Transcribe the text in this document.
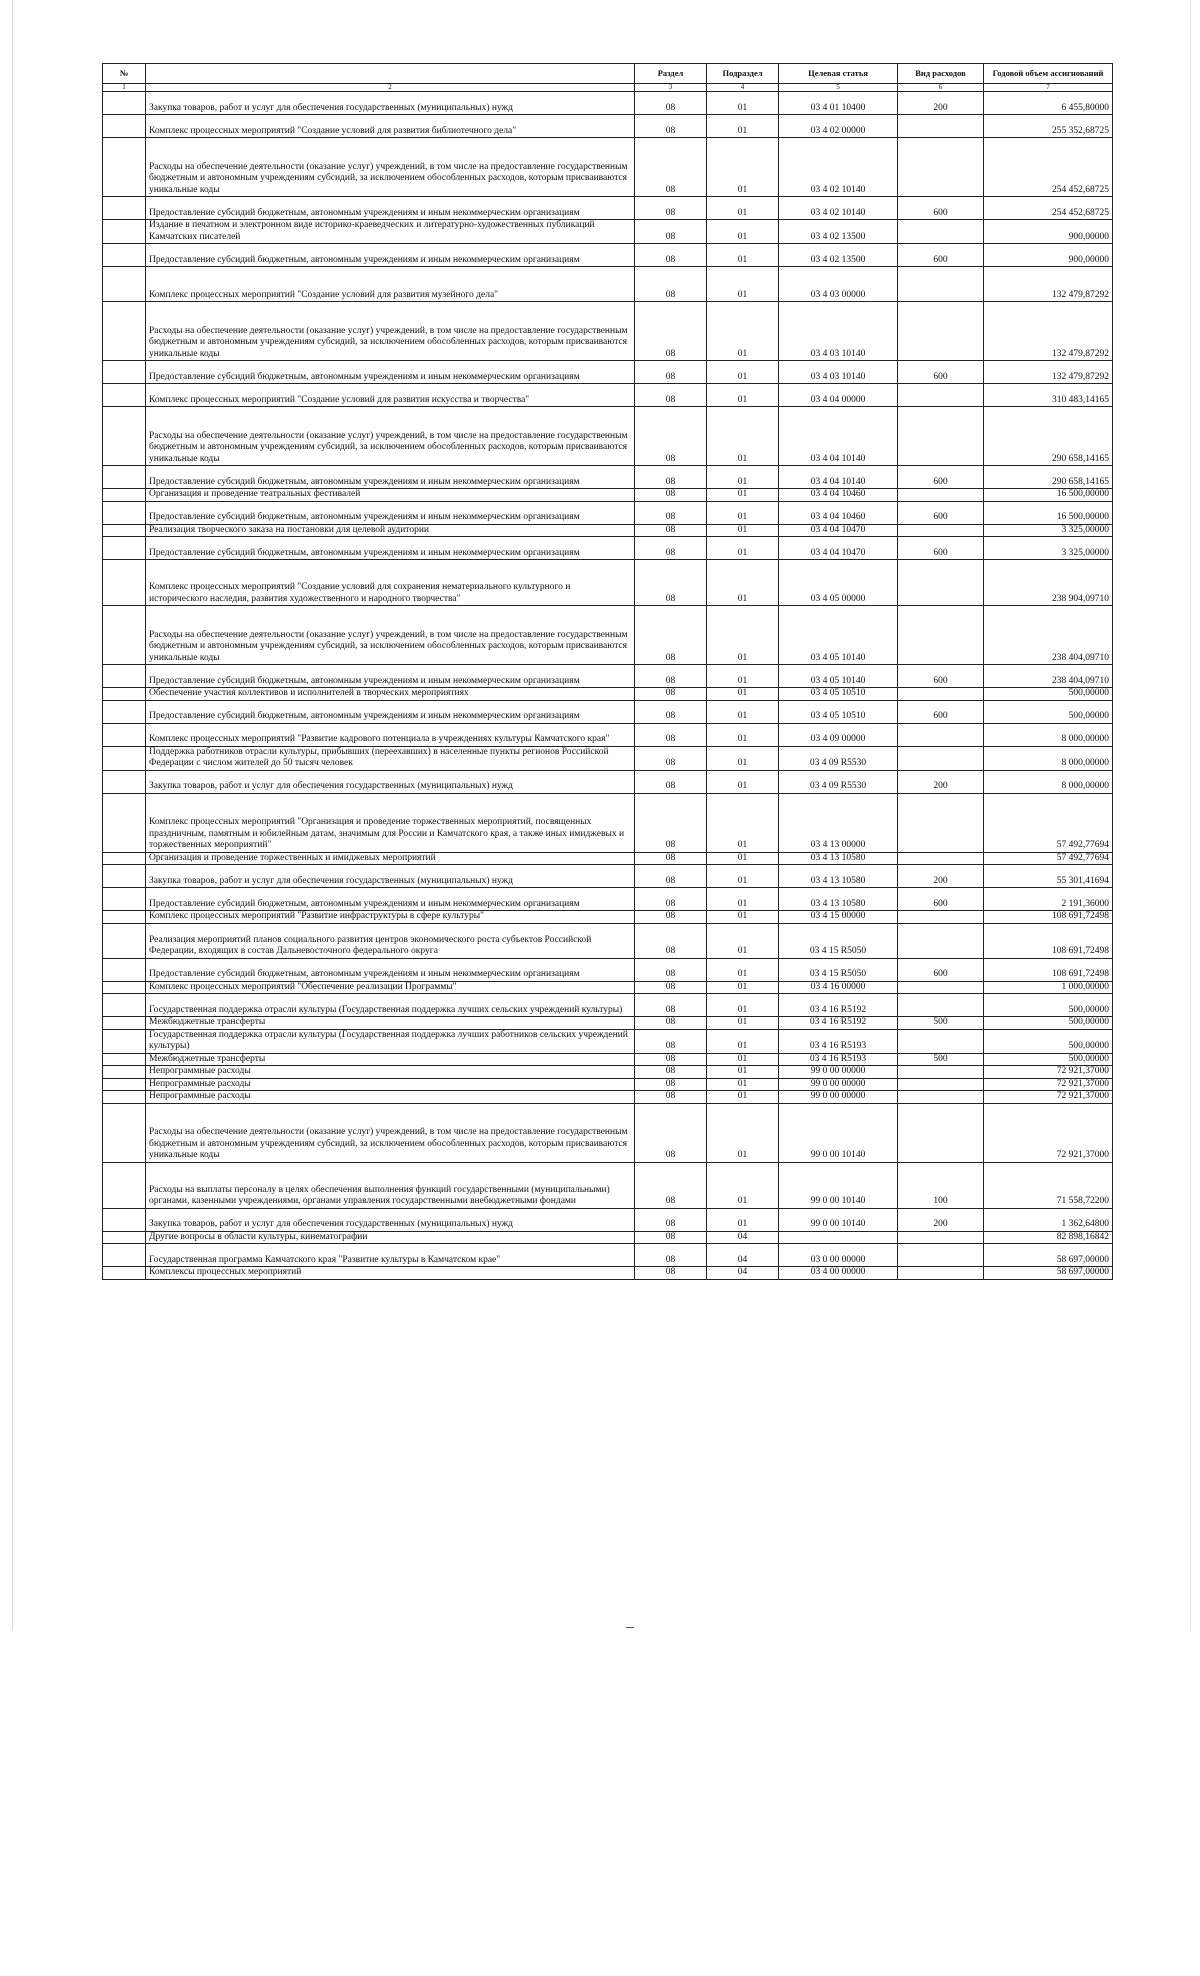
№		Раздел	Подраздел	Целевая статья	Вид расходов	Годовой объем ассигнований
1	2	3	4	5	6	7
	Закупка товаров, работ и услуг для обеспечения государственных (муниципальных) нужд	08	01	03 4 01 10400	200	6 455,80000
	Комплекс процессных мероприятий "Создание условий для развития библиотечного дела"	08	01	03 4 02 00000		255 352,68725
	Расходы на обеспечение деятельности (оказание услуг) учреждений, в том числе на предоставление государственным бюджетным и автономным учреждениям субсидий, за исключением обособленных расходов, которым присваиваются уникальные коды	08	01	03 4 02 10140		254 452,68725
	Предоставление субсидий бюджетным, автономным учреждениям и иным некоммерческим организациям	08	01	03 4 02 10140	600	254 452,68725
	Издание в печатном и электронном виде историко-краеведческих и литературно-художественных публикаций Камчатских писателей	08	01	03 4 02 13500		900,00000
	Предоставление субсидий бюджетным, автономным учреждениям и иным некоммерческим организациям	08	01	03 4 02 13500	600	900,00000
	Комплекс процессных мероприятий "Создание условий для развития музейного дела"	08	01	03 4 03 00000		132 479,87292
	Расходы на обеспечение деятельности (оказание услуг) учреждений, в том числе на предоставление государственным бюджетным и автономным учреждениям субсидий, за исключением обособленных расходов, которым присваиваются уникальные коды	08	01	03 4 03 10140		132 479,87292
	Предоставление субсидий бюджетным, автономным учреждениям и иным некоммерческим организациям	08	01	03 4 03 10140	600	132 479,87292
	Комплекс процессных мероприятий "Создание условий для развития искусства и творчества"	08	01	03 4 04 00000		310 483,14165
	Расходы на обеспечение деятельности (оказание услуг) учреждений, в том числе на предоставление государственным бюджетным и автономным учреждениям субсидий, за исключением обособленных расходов, которым присваиваются уникальные коды	08	01	03 4 04 10140		290 658,14165
	Предоставление субсидий бюджетным, автономным учреждениям и иным некоммерческим организациям	08	01	03 4 04 10140	600	290 658,14165
	Организация и проведение театральных фестивалей	08	01	03 4 04 10460		16 500,00000
	Предоставление субсидий бюджетным, автономным учреждениям и иным некоммерческим организациям	08	01	03 4 04 10460	600	16 500,00000
	Реализация творческого заказа на постановки для целевой аудитории	08	01	03 4 04 10470		3 325,00000
	Предоставление субсидий бюджетным, автономным учреждениям и иным некоммерческим организациям	08	01	03 4 04 10470	600	3 325,00000
	Комплекс процессных мероприятий "Создание условий для сохранения нематериального культурного и исторического наследия, развития художественного и народного творчества"	08	01	03 4 05 00000		238 904,09710
	Расходы на обеспечение деятельности (оказание услуг) учреждений, в том числе на предоставление государственным бюджетным и автономным учреждениям субсидий, за исключением обособленных расходов, которым присваиваются уникальные коды	08	01	03 4 05 10140		238 404,09710
	Предоставление субсидий бюджетным, автономным учреждениям и иным некоммерческим организациям	08	01	03 4 05 10140	600	238 404,09710
	Обеспечение участия коллективов и исполнителей в творческих мероприятиях	08	01	03 4 05 10510		500,00000
	Предоставление субсидий бюджетным, автономным учреждениям и иным некоммерческим организациям	08	01	03 4 05 10510	600	500,00000
	Комплекс процессных мероприятий "Развитие кадрового потенциала в учреждениях культуры Камчатского края"	08	01	03 4 09 00000		8 000,00000
	Поддержка работников отрасли культуры, прибывших (переехавших) в населенные пункты регионов Российской Федерации с числом жителей до 50 тысяч человек	08	01	03 4 09 R5530		8 000,00000
	Закупка товаров, работ и услуг для обеспечения государственных (муниципальных) нужд	08	01	03 4 09 R5530	200	8 000,00000
	Комплекс процессных мероприятий "Организация и проведение торжественных мероприятий, посвященных праздничным, памятным и юбилейным датам, значимым для России и Камчатского края, а также иных имиджевых и торжественных мероприятий"	08	01	03 4 13 00000		57 492,77694
	Организация и проведение торжественных и имиджевых мероприятий	08	01	03 4 13 10580		57 492,77694
	Закупка товаров, работ и услуг для обеспечения государственных (муниципальных) нужд	08	01	03 4 13 10580	200	55 301,41694
	Предоставление субсидий бюджетным, автономным учреждениям и иным некоммерческим организациям	08	01	03 4 13 10580	600	2 191,36000
	Комплекс процессных мероприятий "Развитие инфраструктуры в сфере культуры"	08	01	03 4 15 00000		108 691,72498
	Реализация мероприятий планов социального развития центров экономического роста субъектов Российской Федерации, входящих в состав Дальневосточного федерального округа	08	01	03 4 15 R5050		108 691,72498
	Предоставление субсидий бюджетным, автономным учреждениям и иным некоммерческим организациям	08	01	03 4 15 R5050	600	108 691,72498
	Комплекс процессных мероприятий "Обеспечение реализации Программы"	08	01	03 4 16 00000		1 000,00000
	Государственная поддержка отрасли культуры (Государственная поддержка лучших сельских учреждений культуры)	08	01	03 4 16 R5192		500,00000
	Межбюджетные трансферты	08	01	03 4 16 R5192	500	500,00000
	Государственная поддержка отрасли культуры (Государственная поддержка лучших работников сельских учреждений культуры)	08	01	03 4 16 R5193		500,00000
	Межбюджетные трансферты	08	01	03 4 16 R5193	500	500,00000
	Непрограммные расходы	08	01	99 0 00 00000		72 921,37000
	Непрограммные расходы	08	01	99 0 00 00000		72 921,37000
	Непрограммные расходы	08	01	99 0 00 00000		72 921,37000
	Расходы на обеспечение деятельности (оказание услуг) учреждений, в том числе на предоставление государственным бюджетным и автономным учреждениям субсидий, за исключением обособленных расходов, которым присваиваются уникальные коды	08	01	99 0 00 10140		72 921,37000
	Расходы на выплаты персоналу в целях обеспечения выполнения функций государственными (муниципальными) органами, казенными учреждениями, органами управления государственными внебюджетными фондами	08	01	99 0 00 10140	100	71 558,72200
	Закупка товаров, работ и услуг для обеспечения государственных (муниципальных) нужд	08	01	99 0 00 10140	200	1 362,64800
	Другие вопросы в области культуры, кинематографии	08	04			82 898,16842
	Государственная программа Камчатского края "Развитие культуры в Камчатском крае"	08	04	03 0 00 00000		58 697,00000
	Комплексы процессных мероприятий	08	04	03 4 00 00000		58 697,00000
